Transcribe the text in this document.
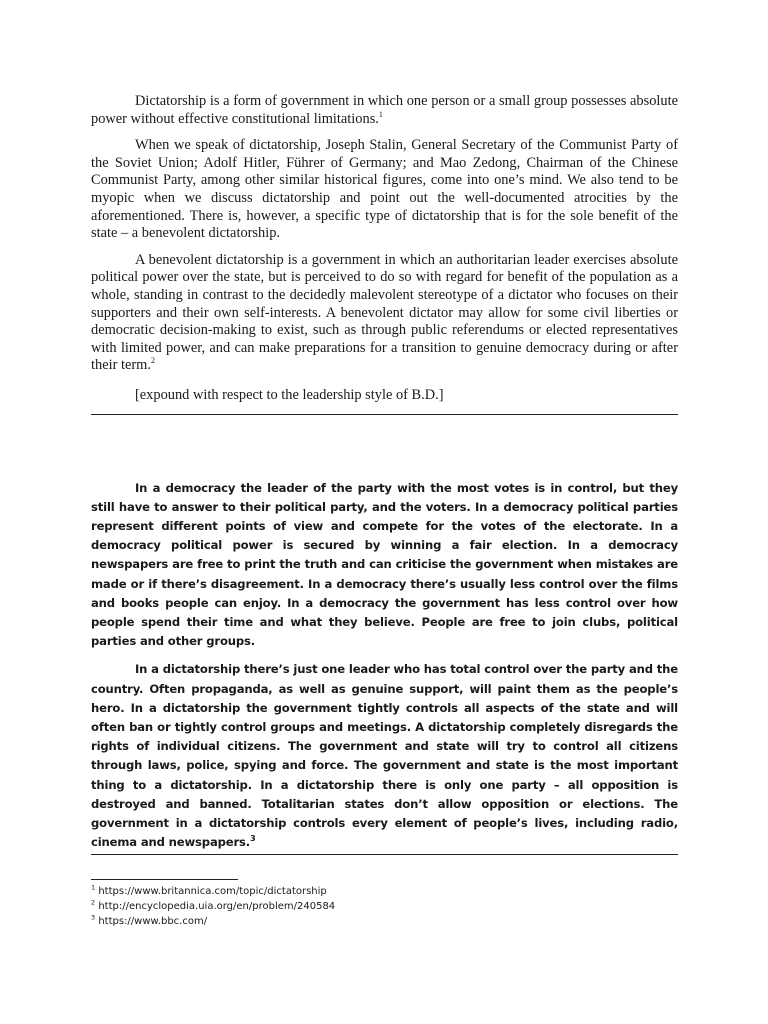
Dictatorship is a form of government in which one person or a small group possesses absolute power without effective constitutional limitations.$^1$

When we speak of dictatorship, Joseph Stalin, General Secretary of the Communist Party of the Soviet Union; Adolf Hitler, Führer of Germany; and Mao Zedong, Chairman of the Chinese Communist Party, among other similar historical figures, come into one’s mind. We also tend to be myopic when we discuss dictatorship and point out the well-documented atrocities by the aforementioned. There is, however, a specific type of dictatorship that is for the sole benefit of the state – a benevolent dictatorship.

A benevolent dictatorship is a government in which an authoritarian leader exercises absolute political power over the state, but is perceived to do so with regard for benefit of the population as a whole, standing in contrast to the decidedly malevolent stereotype of a dictator who focuses on their supporters and their own self-interests. A benevolent dictator may allow for some civil liberties or democratic decision-making to exist, such as through public referendums or elected representatives with limited power, and can make preparations for a transition to genuine democracy during or after their term.$^2$

[expound with respect to the leadership style of B.D.]

In a democracy the leader of the party with the most votes is in control, but they still have to answer to their political party, and the voters. In a democracy political parties represent different points of view and compete for the votes of the electorate. In a democracy political power is secured by winning a fair election. In a democracy newspapers are free to print the truth and can criticise the government when mistakes are made or if there’s disagreement. In a democracy there’s usually less control over the films and books people can enjoy. In a democracy the government has less control over how people spend their time and what they believe. People are free to join clubs, political parties and other groups.

In a dictatorship there’s just one leader who has total control over the party and the country. Often propaganda, as well as genuine support, will paint them as the people’s hero. In a dictatorship the government tightly controls all aspects of the state and will often ban or tightly control groups and meetings. A dictatorship completely disregards the rights of individual citizens. The government and state will try to control all citizens through laws, police, spying and force. The government and state is the most important thing to a dictatorship. In a dictatorship there is only one party – all opposition is destroyed and banned. Totalitarian states don’t allow opposition or elections. The government in a dictatorship controls every element of people’s lives, including radio, cinema and newspapers.$^3$

$^1$ https://www.britannica.com/topic/dictatorship
$^2$ http://encyclopedia.uia.org/en/problem/240584
$^3$ https://www.bbc.com/
